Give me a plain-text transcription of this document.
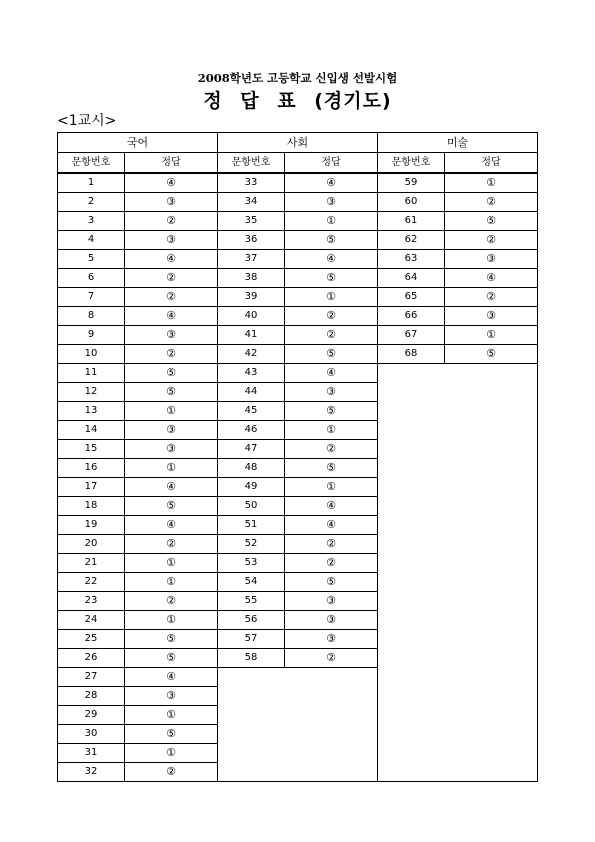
2008학년도 고등학교 신입생 선발시험
정 답 표 (경기도)
<1교시>
국어
문항번호	정답
1	④
2	③
3	②
4	③
5	④
6	②
7	②
8	④
9	③
10	②
11	⑤
12	⑤
13	①
14	③
15	③
16	①
17	④
18	⑤
19	④
20	②
21	①
22	①
23	②
24	①
25	⑤
26	⑤
27	④
28	③
29	①
30	⑤
31	①
32	②
사회
문항번호	정답
33	④
34	③
35	①
36	⑤
37	④
38	⑤
39	①
40	②
41	②
42	⑤
43	④
44	③
45	⑤
46	①
47	②
48	⑤
49	①
50	④
51	④
52	②
53	②
54	⑤
55	③
56	③
57	③
58	②
미술
문항번호	정답
59	①
60	②
61	⑤
62	②
63	③
64	④
65	②
66	③
67	①
68	⑤
